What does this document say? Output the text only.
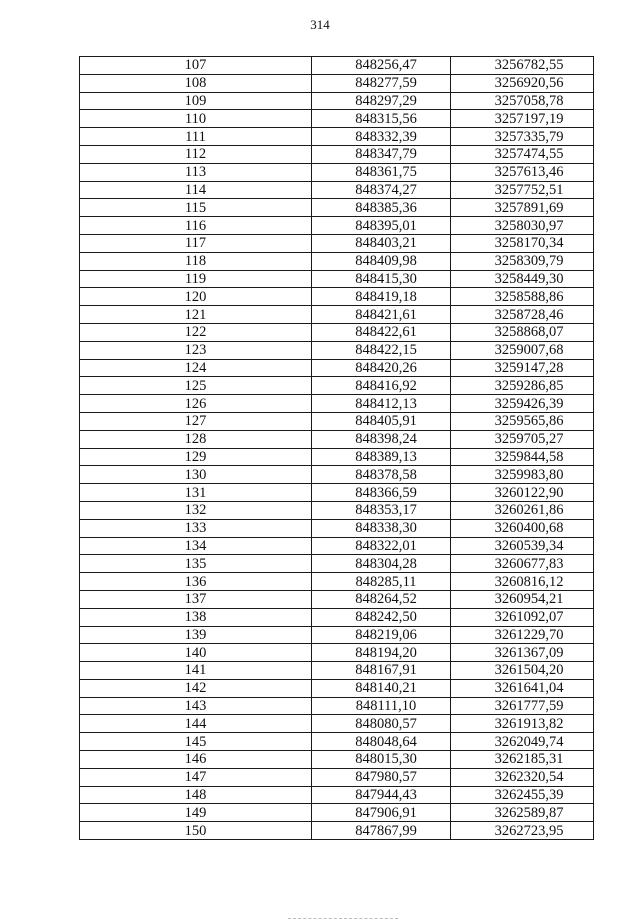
314
107	848256,47	3256782,55
108	848277,59	3256920,56
109	848297,29	3257058,78
110	848315,56	3257197,19
111	848332,39	3257335,79
112	848347,79	3257474,55
113	848361,75	3257613,46
114	848374,27	3257752,51
115	848385,36	3257891,69
116	848395,01	3258030,97
117	848403,21	3258170,34
118	848409,98	3258309,79
119	848415,30	3258449,30
120	848419,18	3258588,86
121	848421,61	3258728,46
122	848422,61	3258868,07
123	848422,15	3259007,68
124	848420,26	3259147,28
125	848416,92	3259286,85
126	848412,13	3259426,39
127	848405,91	3259565,86
128	848398,24	3259705,27
129	848389,13	3259844,58
130	848378,58	3259983,80
131	848366,59	3260122,90
132	848353,17	3260261,86
133	848338,30	3260400,68
134	848322,01	3260539,34
135	848304,28	3260677,83
136	848285,11	3260816,12
137	848264,52	3260954,21
138	848242,50	3261092,07
139	848219,06	3261229,70
140	848194,20	3261367,09
141	848167,91	3261504,20
142	848140,21	3261641,04
143	848111,10	3261777,59
144	848080,57	3261913,82
145	848048,64	3262049,74
146	848015,30	3262185,31
147	847980,57	3262320,54
148	847944,43	3262455,39
149	847906,91	3262589,87
150	847867,99	3262723,95
